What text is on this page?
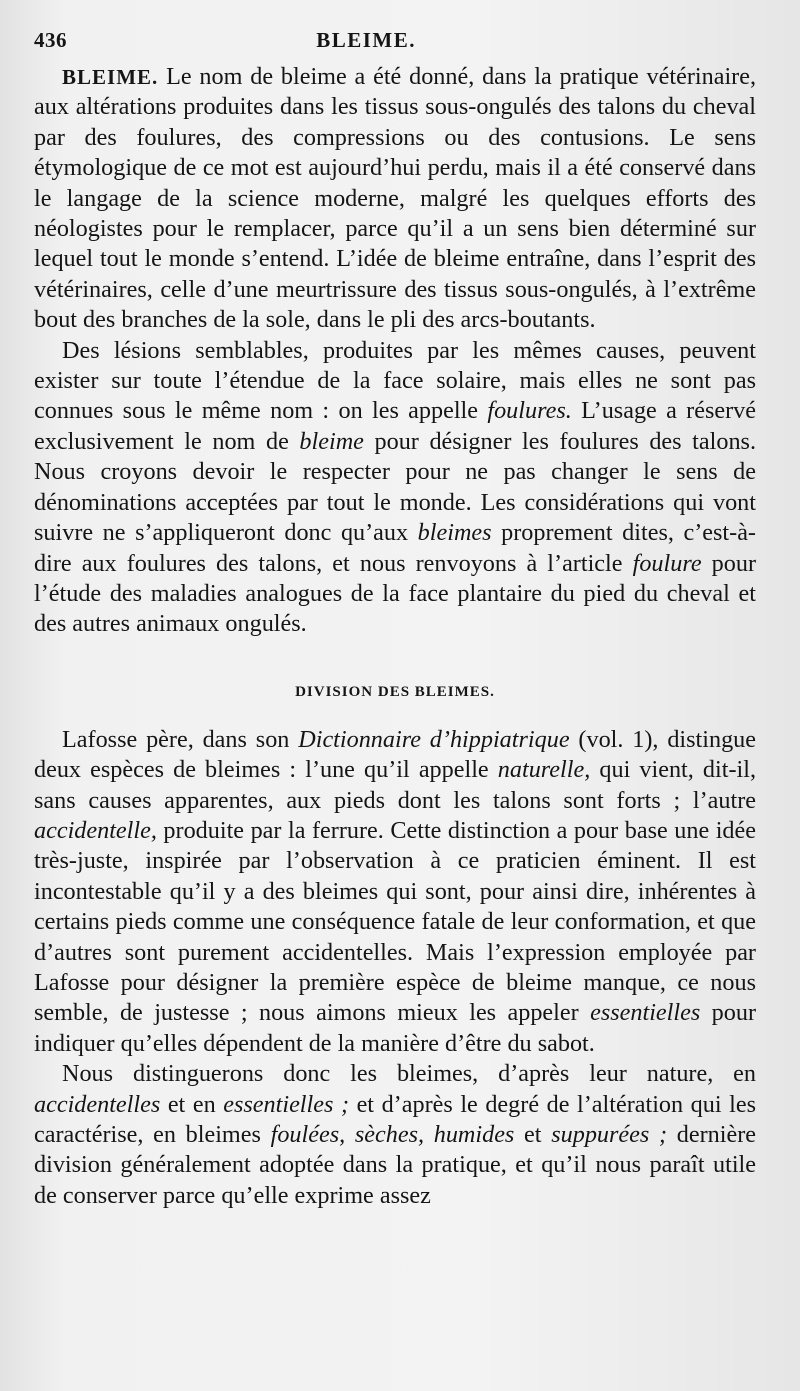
436	BLEIME.

BLEIME. Le nom de bleime a été donné, dans la pratique vétérinaire, aux altérations produites dans les tissus sous-ongulés des talons du cheval par des foulures, des compressions ou des contusions. Le sens étymologique de ce mot est aujourd’hui perdu, mais il a été conservé dans le langage de la science moderne, malgré les quelques efforts des néologistes pour le remplacer, parce qu’il a un sens bien déterminé sur lequel tout le monde s’entend. L’idée de bleime entraîne, dans l’esprit des vétérinaires, celle d’une meurtrissure des tissus sous-ongulés, à l’extrême bout des branches de la sole, dans le pli des arcs-boutants.

Des lésions semblables, produites par les mêmes causes, peuvent exister sur toute l’étendue de la face solaire, mais elles ne sont pas connues sous le même nom : on les appelle foulures. L’usage a réservé exclusivement le nom de bleime pour désigner les foulures des talons. Nous croyons devoir le respecter pour ne pas changer le sens de dénominations acceptées par tout le monde. Les considérations qui vont suivre ne s’appliqueront donc qu’aux bleimes proprement dites, c’est-à-dire aux foulures des talons, et nous renvoyons à l’article foulure pour l’étude des maladies analogues de la face plantaire du pied du cheval et des autres animaux ongulés.

DIVISION DES BLEIMES.

Lafosse père, dans son Dictionnaire d’hippiatrique (vol. 1), distingue deux espèces de bleimes : l’une qu’il appelle naturelle, qui vient, dit-il, sans causes apparentes, aux pieds dont les talons sont forts ; l’autre accidentelle, produite par la ferrure. Cette distinction a pour base une idée très-juste, inspirée par l’observation à ce praticien éminent. Il est incontestable qu’il y a des bleimes qui sont, pour ainsi dire, inhérentes à certains pieds comme une conséquence fatale de leur conformation, et que d’autres sont purement accidentelles. Mais l’expression employée par Lafosse pour désigner la première espèce de bleime manque, ce nous semble, de justesse ; nous aimons mieux les appeler essentielles pour indiquer qu’elles dépendent de la manière d’être du sabot.

Nous distinguerons donc les bleimes, d’après leur nature, en accidentelles et en essentielles ; et d’après le degré de l’altération qui les caractérise, en bleimes foulées, sèches, humides et suppurées ; dernière division généralement adoptée dans la pratique, et qu’il nous paraît utile de conserver parce qu’elle exprime assez
